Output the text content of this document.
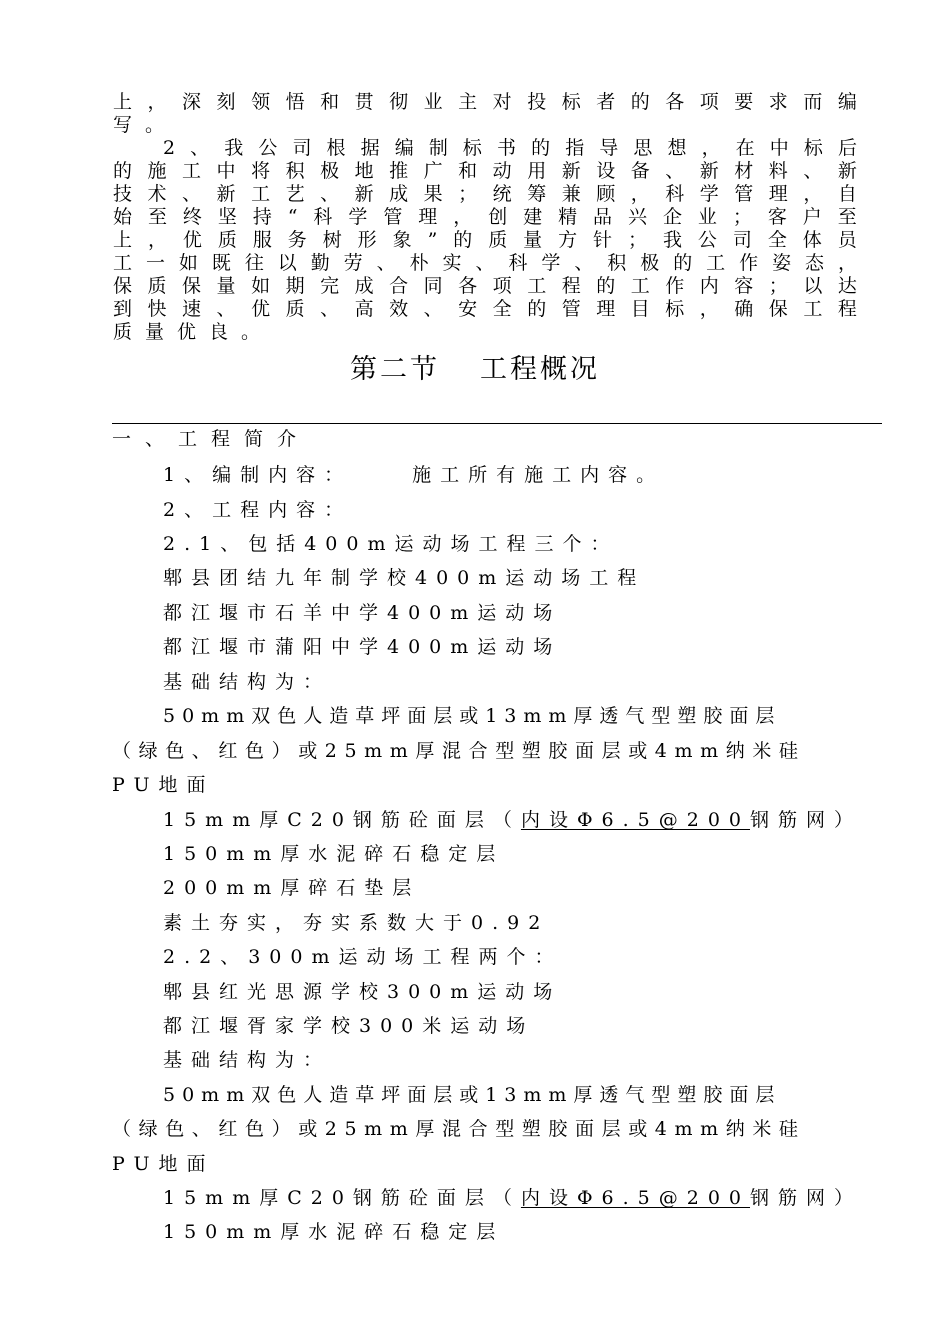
上 ， 深 刻 领 悟 和 贯 彻 业 主 对 投 标 者 的 各 项 要 求 而 编
写。
2 、 我 公 司 根 据 编 制 标 书 的 指 导 思 想 ， 在 中 标 后
的 施 工 中 将 积 极 地 推 广 和 动 用 新 设 备 、 新 材 料 、 新
技 术 、 新 工 艺 、 新 成 果 ； 统 筹 兼 顾 ， 科 学 管 理 ， 自
始 至 终 坚 持 “ 科 学 管 理 ， 创 建 精 品 兴 企 业 ； 客 户 至
上 ， 优 质 服 务 树 形 象 ” 的 质 量 方 针 ； 我 公 司 全 体 员
工 一 如 既 往 以 勤 劳 、 朴 实 、 科 学 、 积 极 的 工 作 姿 态 ，
保 质 保 量 如 期 完 成 合 同 各 项 工 程 的 工 作 内 容 ； 以 达
到 快 速 、 优 质 、 高 效 、 安 全 的 管 理 目 标 ， 确 保 工 程
质量优良。
第二节 工程概况
一、工程简介
1、编制内容：	施工所有施工内容。
2、工程内容：
2.1、包括400m运动场工程三个：
郫县团结九年制学校400m运动场工程
都江堰市石羊中学400m运动场
都江堰市蒲阳中学400m运动场
基础结构为：
50mm双色人造草坪面层或13mm厚透气型塑胶面层
（绿色、红色）或25mm厚混合型塑胶面层或4mm纳米硅
PU地面
15mm厚C20钢筋砼面层（内设Φ6.5@200钢筋网）
150mm厚水泥碎石稳定层
200mm厚碎石垫层
素土夯实，夯实系数大于0.92
2.2、300m运动场工程两个：
郫县红光思源学校300m运动场
都江堰胥家学校300米运动场
基础结构为：
50mm双色人造草坪面层或13mm厚透气型塑胶面层
（绿色、红色）或25mm厚混合型塑胶面层或4mm纳米硅
PU地面
15mm厚C20钢筋砼面层（内设Φ6.5@200钢筋网）
150mm厚水泥碎石稳定层
